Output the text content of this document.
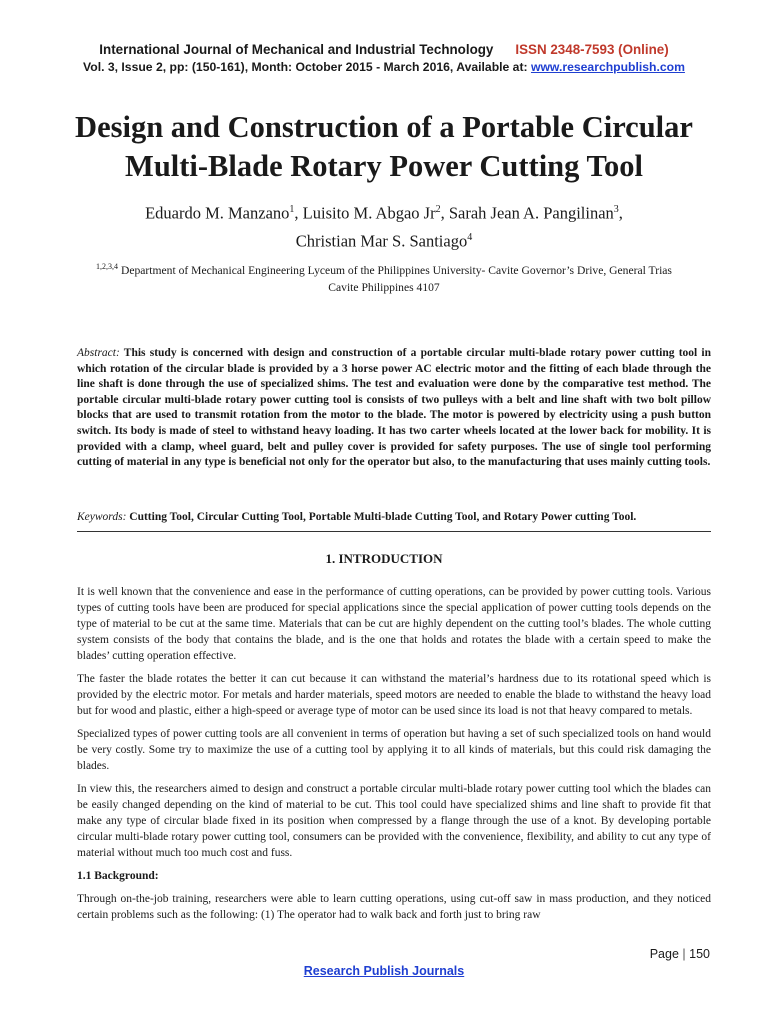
International Journal of Mechanical and Industrial Technology ISSN 2348-7593 (Online)
Vol. 3, Issue 2, pp: (150-161), Month: October 2015 - March 2016, Available at: www.researchpublish.com
Design and Construction of a Portable Circular
Multi-Blade Rotary Power Cutting Tool
Eduardo M. Manzano$^1$, Luisito M. Abgao Jr$^2$, Sarah Jean A. Pangilinan$^3$,
Christian Mar S. Santiago$^4$
$^{1,2,3,4}$ Department of Mechanical Engineering Lyceum of the Philippines University- Cavite Governor’s Drive, General Trias Cavite Philippines 4107
Abstract: This study is concerned with design and construction of a portable circular multi-blade rotary power cutting tool in which rotation of the circular blade is provided by a 3 horse power AC electric motor and the fitting of each blade through the line shaft is done through the use of specialized shims. The test and evaluation were done by the comparative test method. The portable circular multi-blade rotary power cutting tool is consists of two pulleys with a belt and line shaft with two bolt pillow blocks that are used to transmit rotation from the motor to the blade. The motor is powered by electricity using a push button switch. Its body is made of steel to withstand heavy loading. It has two carter wheels located at the lower back for mobility. It is provided with a clamp, wheel guard, belt and pulley cover is provided for safety purposes. The use of single tool performing cutting of material in any type is beneficial not only for the operator but also, to the manufacturing that uses mainly cutting tools.
Keywords: Cutting Tool, Circular Cutting Tool, Portable Multi-blade Cutting Tool, and Rotary Power cutting Tool.
1. INTRODUCTION

It is well known that the convenience and ease in the performance of cutting operations, can be provided by power cutting tools. Various types of cutting tools have been are produced for special applications since the special application of power cutting tools depends on the type of material to be cut at the same time. Materials that can be cut are highly dependent on the cutting tool’s blades. The whole cutting system consists of the body that contains the blade, and is the one that holds and rotates the blade with a certain speed to make the blades’ cutting operation effective.

The faster the blade rotates the better it can cut because it can withstand the material’s hardness due to its rotational speed which is provided by the electric motor. For metals and harder materials, speed motors are needed to enable the blade to withstand the heavy load but for wood and plastic, either a high-speed or average type of motor can be used since its load is not that heavy compared to metals.

Specialized types of power cutting tools are all convenient in terms of operation but having a set of such specialized tools on hand would be very costly. Some try to maximize the use of a cutting tool by applying it to all kinds of materials, but this could risk damaging the blades.

In view this, the researchers aimed to design and construct a portable circular multi-blade rotary power cutting tool which the blades can be easily changed depending on the kind of material to be cut. This tool could have specialized shims and line shaft to provide fit that make any type of circular blade fixed in its position when compressed by a flange through the use of a knot. By developing portable circular multi-blade rotary power cutting tool, consumers can be provided with the convenience, flexibility, and ability to cut any type of material without much too much cost and fuss.

1.1 Background:

Through on-the-job training, researchers were able to learn cutting operations, using cut-off saw in mass production, and they noticed certain problems such as the following: (1) The operator had to walk back and forth just to bring raw

Page | 150
Research Publish Journals
